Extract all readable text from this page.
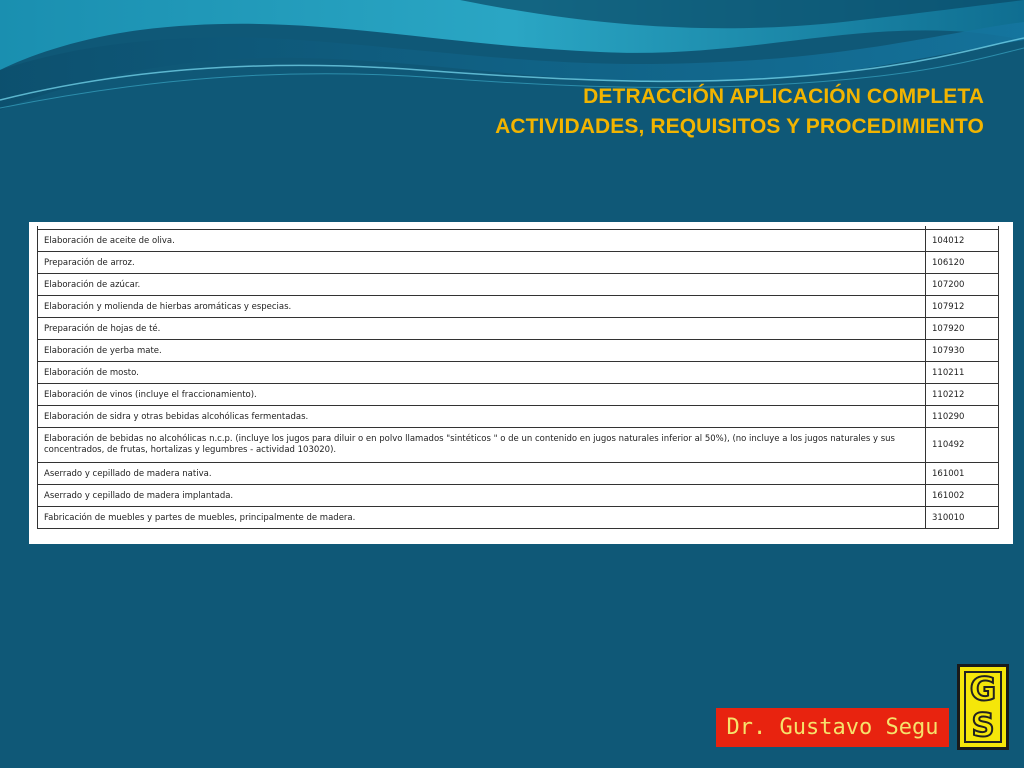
DETRACCIÓN APLICACIÓN COMPLETA
ACTIVIDADES, REQUISITOS Y PROCEDIMIENTO

Elaboración de aceite de oliva.	104012
Preparación de arroz.	106120
Elaboración de azúcar.	107200
Elaboración y molienda de hierbas aromáticas y especias.	107912
Preparación de hojas de té.	107920
Elaboración de yerba mate.	107930
Elaboración de mosto.	110211
Elaboración de vinos (incluye el fraccionamiento).	110212
Elaboración de sidra y otras bebidas alcohólicas fermentadas.	110290
Elaboración de bebidas no alcohólicas n.c.p. (incluye los jugos para diluir o en polvo llamados "sintéticos " o de un contenido en jugos naturales inferior al 50%), (no incluye a los jugos naturales y sus concentrados, de frutas, hortalizas y legumbres - actividad 103020).	110492
Aserrado y cepillado de madera nativa.	161001
Aserrado y cepillado de madera implantada.	161002
Fabricación de muebles y partes de muebles, principalmente de madera.	310010
Dr. Gustavo Segu
G
S
